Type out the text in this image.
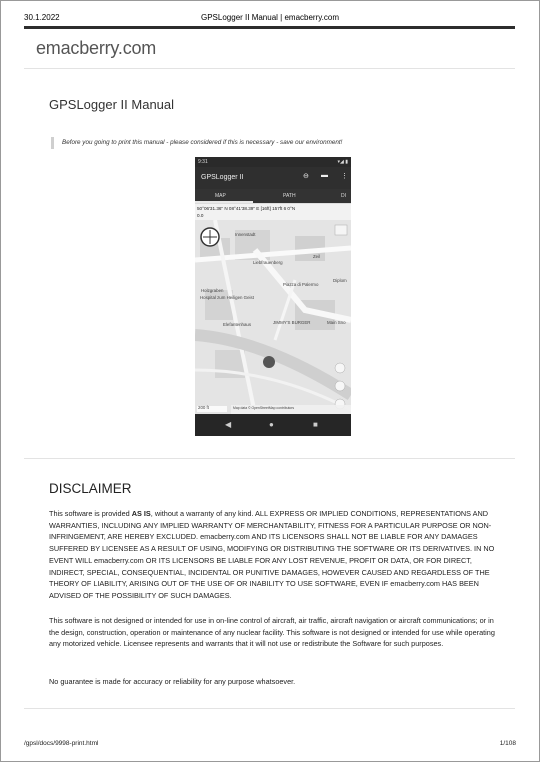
30.1.2022	GPSLogger II Manual | emacberry.com
emacberry.com
GPSLogger II Manual
Before you going to print this manual - please considered if this is necessary - save our environment!
9:31	▾◢ ▮
GPSLogger II	⊖ ▬ ⋮
MAP	PATH	DI
50°06'31.36" N 08°41'38.39" E [16ft] 157ft 6 0°N
0.0
Innenstadt
Zeil
Holzgraben
Hospital zum Heiligen Geist
Liebfrauenberg
Piazza di Palermo
Elefantenhaus	JIMMY'S BURGER	Main Sno
Diplom
200 ft	Map data © OpenStreetMap contributors
◀	●	■
DISCLAIMER

This software is provided AS IS, without a warranty of any kind. ALL EXPRESS OR IMPLIED CONDITIONS, REPRESENTATIONS AND WARRANTIES, INCLUDING ANY IMPLIED WARRANTY OF MERCHANTABILITY, FITNESS FOR A PARTICULAR PURPOSE OR NON-INFRINGEMENT, ARE HEREBY EXCLUDED. emacberry.com AND ITS LICENSORS SHALL NOT BE LIABLE FOR ANY DAMAGES SUFFERED BY LICENSEE AS A RESULT OF USING, MODIFYING OR DISTRIBUTING THE SOFTWARE OR ITS DERIVATIVES. IN NO EVENT WILL emacberry.com OR ITS LICENSORS BE LIABLE FOR ANY LOST REVENUE, PROFIT OR DATA, OR FOR DIRECT, INDIRECT, SPECIAL, CONSEQUENTIAL, INCIDENTAL OR PUNITIVE DAMAGES, HOWEVER CAUSED AND REGARDLESS OF THE THEORY OF LIABILITY, ARISING OUT OF THE USE OF OR INABILITY TO USE SOFTWARE, EVEN IF emacberry.com HAS BEEN ADVISED OF THE POSSIBILITY OF SUCH DAMAGES.

This software is not designed or intended for use in on-line control of aircraft, air traffic, aircraft navigation or aircraft communications; or in the design, construction, operation or maintenance of any nuclear facility. This software is not designed or intended for use while operating any motorized vehicle. Licensee represents and warrants that it will not use or redistribute the Software for such purposes.

No guarantee is made for accuracy or reliability for any purpose whatsoever.

/gpsl/docs/9998-print.html	1/108
